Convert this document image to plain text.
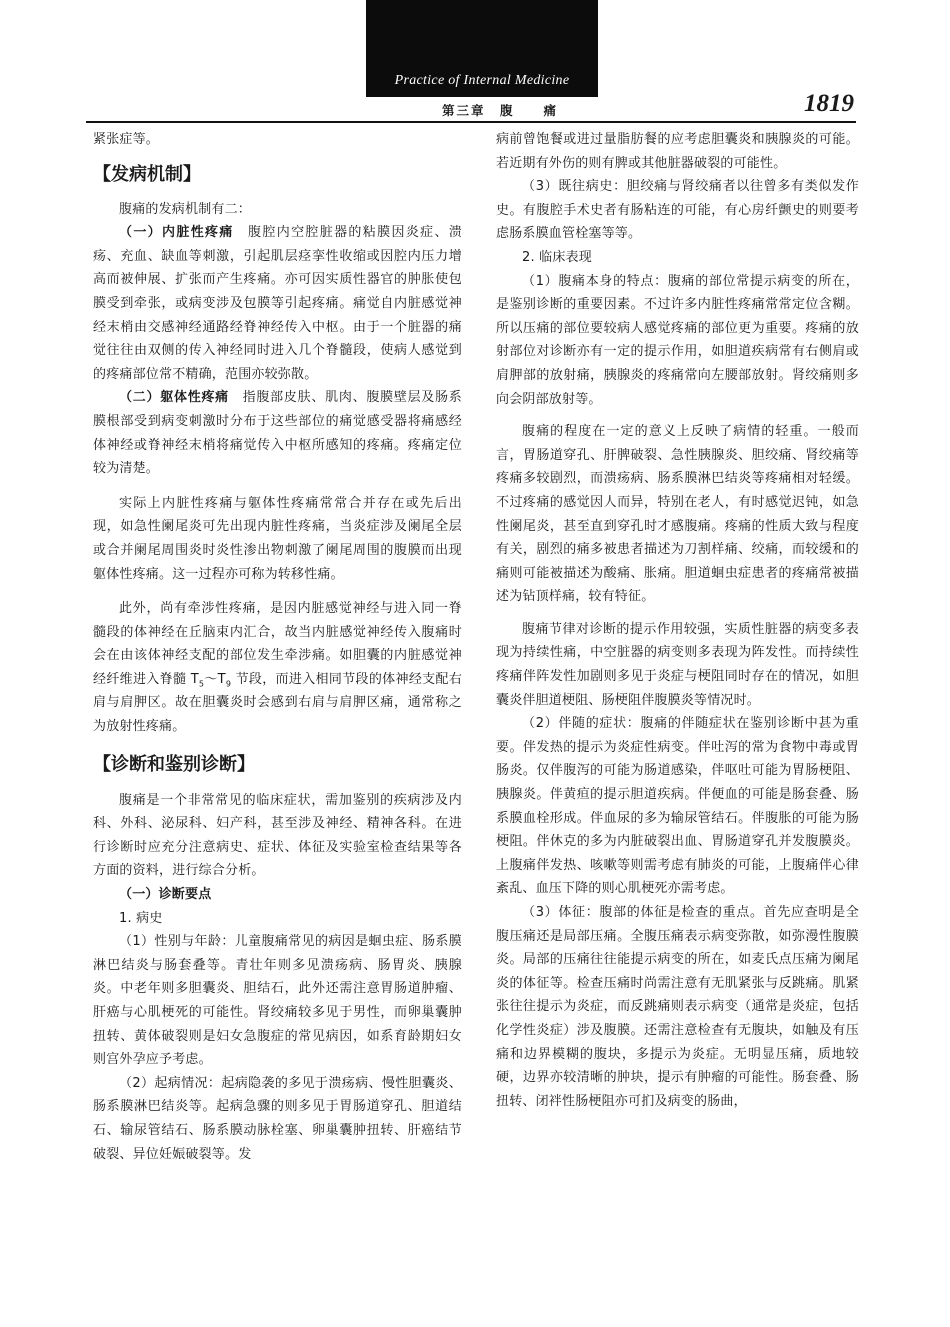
Practice of Internal Medicine
第三章　腹　　痛	1819

紧张症等。

【发病机制】

腹痛的发病机制有二：

（一）内脏性疼痛　腹腔内空腔脏器的粘膜因炎症、溃疡、充血、缺血等刺激，引起肌层痉挛性收缩或因腔内压力增高而被伸展、扩张而产生疼痛。亦可因实质性器官的肿胀使包膜受到牵张，或病变涉及包膜等引起疼痛。痛觉自内脏感觉神经末梢由交感神经通路经脊神经传入中枢。由于一个脏器的痛觉往往由双侧的传入神经同时进入几个脊髓段，使病人感觉到的疼痛部位常不精确，范围亦较弥散。

（二）躯体性疼痛　指腹部皮肤、肌肉、腹膜壁层及肠系膜根部受到病变刺激时分布于这些部位的痛觉感受器将痛感经体神经或脊神经末梢将痛觉传入中枢所感知的疼痛。疼痛定位较为清楚。

实际上内脏性疼痛与躯体性疼痛常常合并存在或先后出现，如急性阑尾炎可先出现内脏性疼痛，当炎症涉及阑尾全层或合并阑尾周围炎时炎性渗出物刺激了阑尾周围的腹膜而出现躯体性疼痛。这一过程亦可称为转移性痛。

此外，尚有牵涉性疼痛，是因内脏感觉神经与进入同一脊髓段的体神经在丘脑束内汇合，故当内脏感觉神经传入腹痛时会在由该体神经支配的部位发生牵涉痛。如胆囊的内脏感觉神经纤维进入脊髓 $T_5\sim T_9$ 节段，而进入相同节段的体神经支配右肩与肩胛区。故在胆囊炎时会感到右肩与肩胛区痛，通常称之为放射性疼痛。

【诊断和鉴别诊断】

腹痛是一个非常常见的临床症状，需加鉴别的疾病涉及内科、外科、泌尿科、妇产科，甚至涉及神经、精神各科。在进行诊断时应充分注意病史、症状、体征及实验室检查结果等各方面的资料，进行综合分析。

（一）诊断要点

1. 病史

（1）性别与年龄：儿童腹痛常见的病因是蛔虫症、肠系膜淋巴结炎与肠套叠等。青壮年则多见溃疡病、肠胃炎、胰腺炎。中老年则多胆囊炎、胆结石，此外还需注意胃肠道肿瘤、肝癌与心肌梗死的可能性。肾绞痛较多见于男性，而卵巢囊肿扭转、黄体破裂则是妇女急腹症的常见病因，如系育龄期妇女则宫外孕应予考虑。

（2）起病情况：起病隐袭的多见于溃疡病、慢性胆囊炎、肠系膜淋巴结炎等。起病急骤的则多见于胃肠道穿孔、胆道结石、输尿管结石、肠系膜动脉栓塞、卵巢囊肿扭转、肝癌结节破裂、异位妊娠破裂等。发

病前曾饱餐或进过量脂肪餐的应考虑胆囊炎和胰腺炎的可能。若近期有外伤的则有脾或其他脏器破裂的可能性。

（3）既往病史：胆绞痛与肾绞痛者以往曾多有类似发作史。有腹腔手术史者有肠粘连的可能，有心房纤颤史的则要考虑肠系膜血管栓塞等等。

2. 临床表现

（1）腹痛本身的特点：腹痛的部位常提示病变的所在，是鉴别诊断的重要因素。不过许多内脏性疼痛常常定位含糊。所以压痛的部位要较病人感觉疼痛的部位更为重要。疼痛的放射部位对诊断亦有一定的提示作用，如胆道疾病常有右侧肩或肩胛部的放射痛，胰腺炎的疼痛常向左腰部放射。肾绞痛则多向会阴部放射等。

腹痛的程度在一定的意义上反映了病情的轻重。一般而言，胃肠道穿孔、肝脾破裂、急性胰腺炎、胆绞痛、肾绞痛等疼痛多较剧烈，而溃疡病、肠系膜淋巴结炎等疼痛相对轻缓。不过疼痛的感觉因人而异，特别在老人，有时感觉迟钝，如急性阑尾炎，甚至直到穿孔时才感腹痛。疼痛的性质大致与程度有关，剧烈的痛多被患者描述为刀割样痛、绞痛，而较缓和的痛则可能被描述为酸痛、胀痛。胆道蛔虫症患者的疼痛常被描述为钻顶样痛，较有特征。

腹痛节律对诊断的提示作用较强，实质性脏器的病变多表现为持续性痛，中空脏器的病变则多表现为阵发性。而持续性疼痛伴阵发性加剧则多见于炎症与梗阻同时存在的情况，如胆囊炎伴胆道梗阻、肠梗阻伴腹膜炎等情况时。

（2）伴随的症状：腹痛的伴随症状在鉴别诊断中甚为重要。伴发热的提示为炎症性病变。伴吐泻的常为食物中毒或胃肠炎。仅伴腹泻的可能为肠道感染，伴呕吐可能为胃肠梗阻、胰腺炎。伴黄疸的提示胆道疾病。伴便血的可能是肠套叠、肠系膜血栓形成。伴血尿的多为输尿管结石。伴腹胀的可能为肠梗阻。伴休克的多为内脏破裂出血、胃肠道穿孔并发腹膜炎。上腹痛伴发热、咳嗽等则需考虑有肺炎的可能，上腹痛伴心律紊乱、血压下降的则心肌梗死亦需考虑。

（3）体征：腹部的体征是检查的重点。首先应查明是全腹压痛还是局部压痛。全腹压痛表示病变弥散，如弥漫性腹膜炎。局部的压痛往往能提示病变的所在，如麦氏点压痛为阑尾炎的体征等。检查压痛时尚需注意有无肌紧张与反跳痛。肌紧张往往提示为炎症，而反跳痛则表示病变（通常是炎症，包括化学性炎症）涉及腹膜。还需注意检查有无腹块，如触及有压痛和边界模糊的腹块，多提示为炎症。无明显压痛，质地较硬，边界亦较清晰的肿块，提示有肿瘤的可能性。肠套叠、肠扭转、闭袢性肠梗阻亦可扪及病变的肠曲，
